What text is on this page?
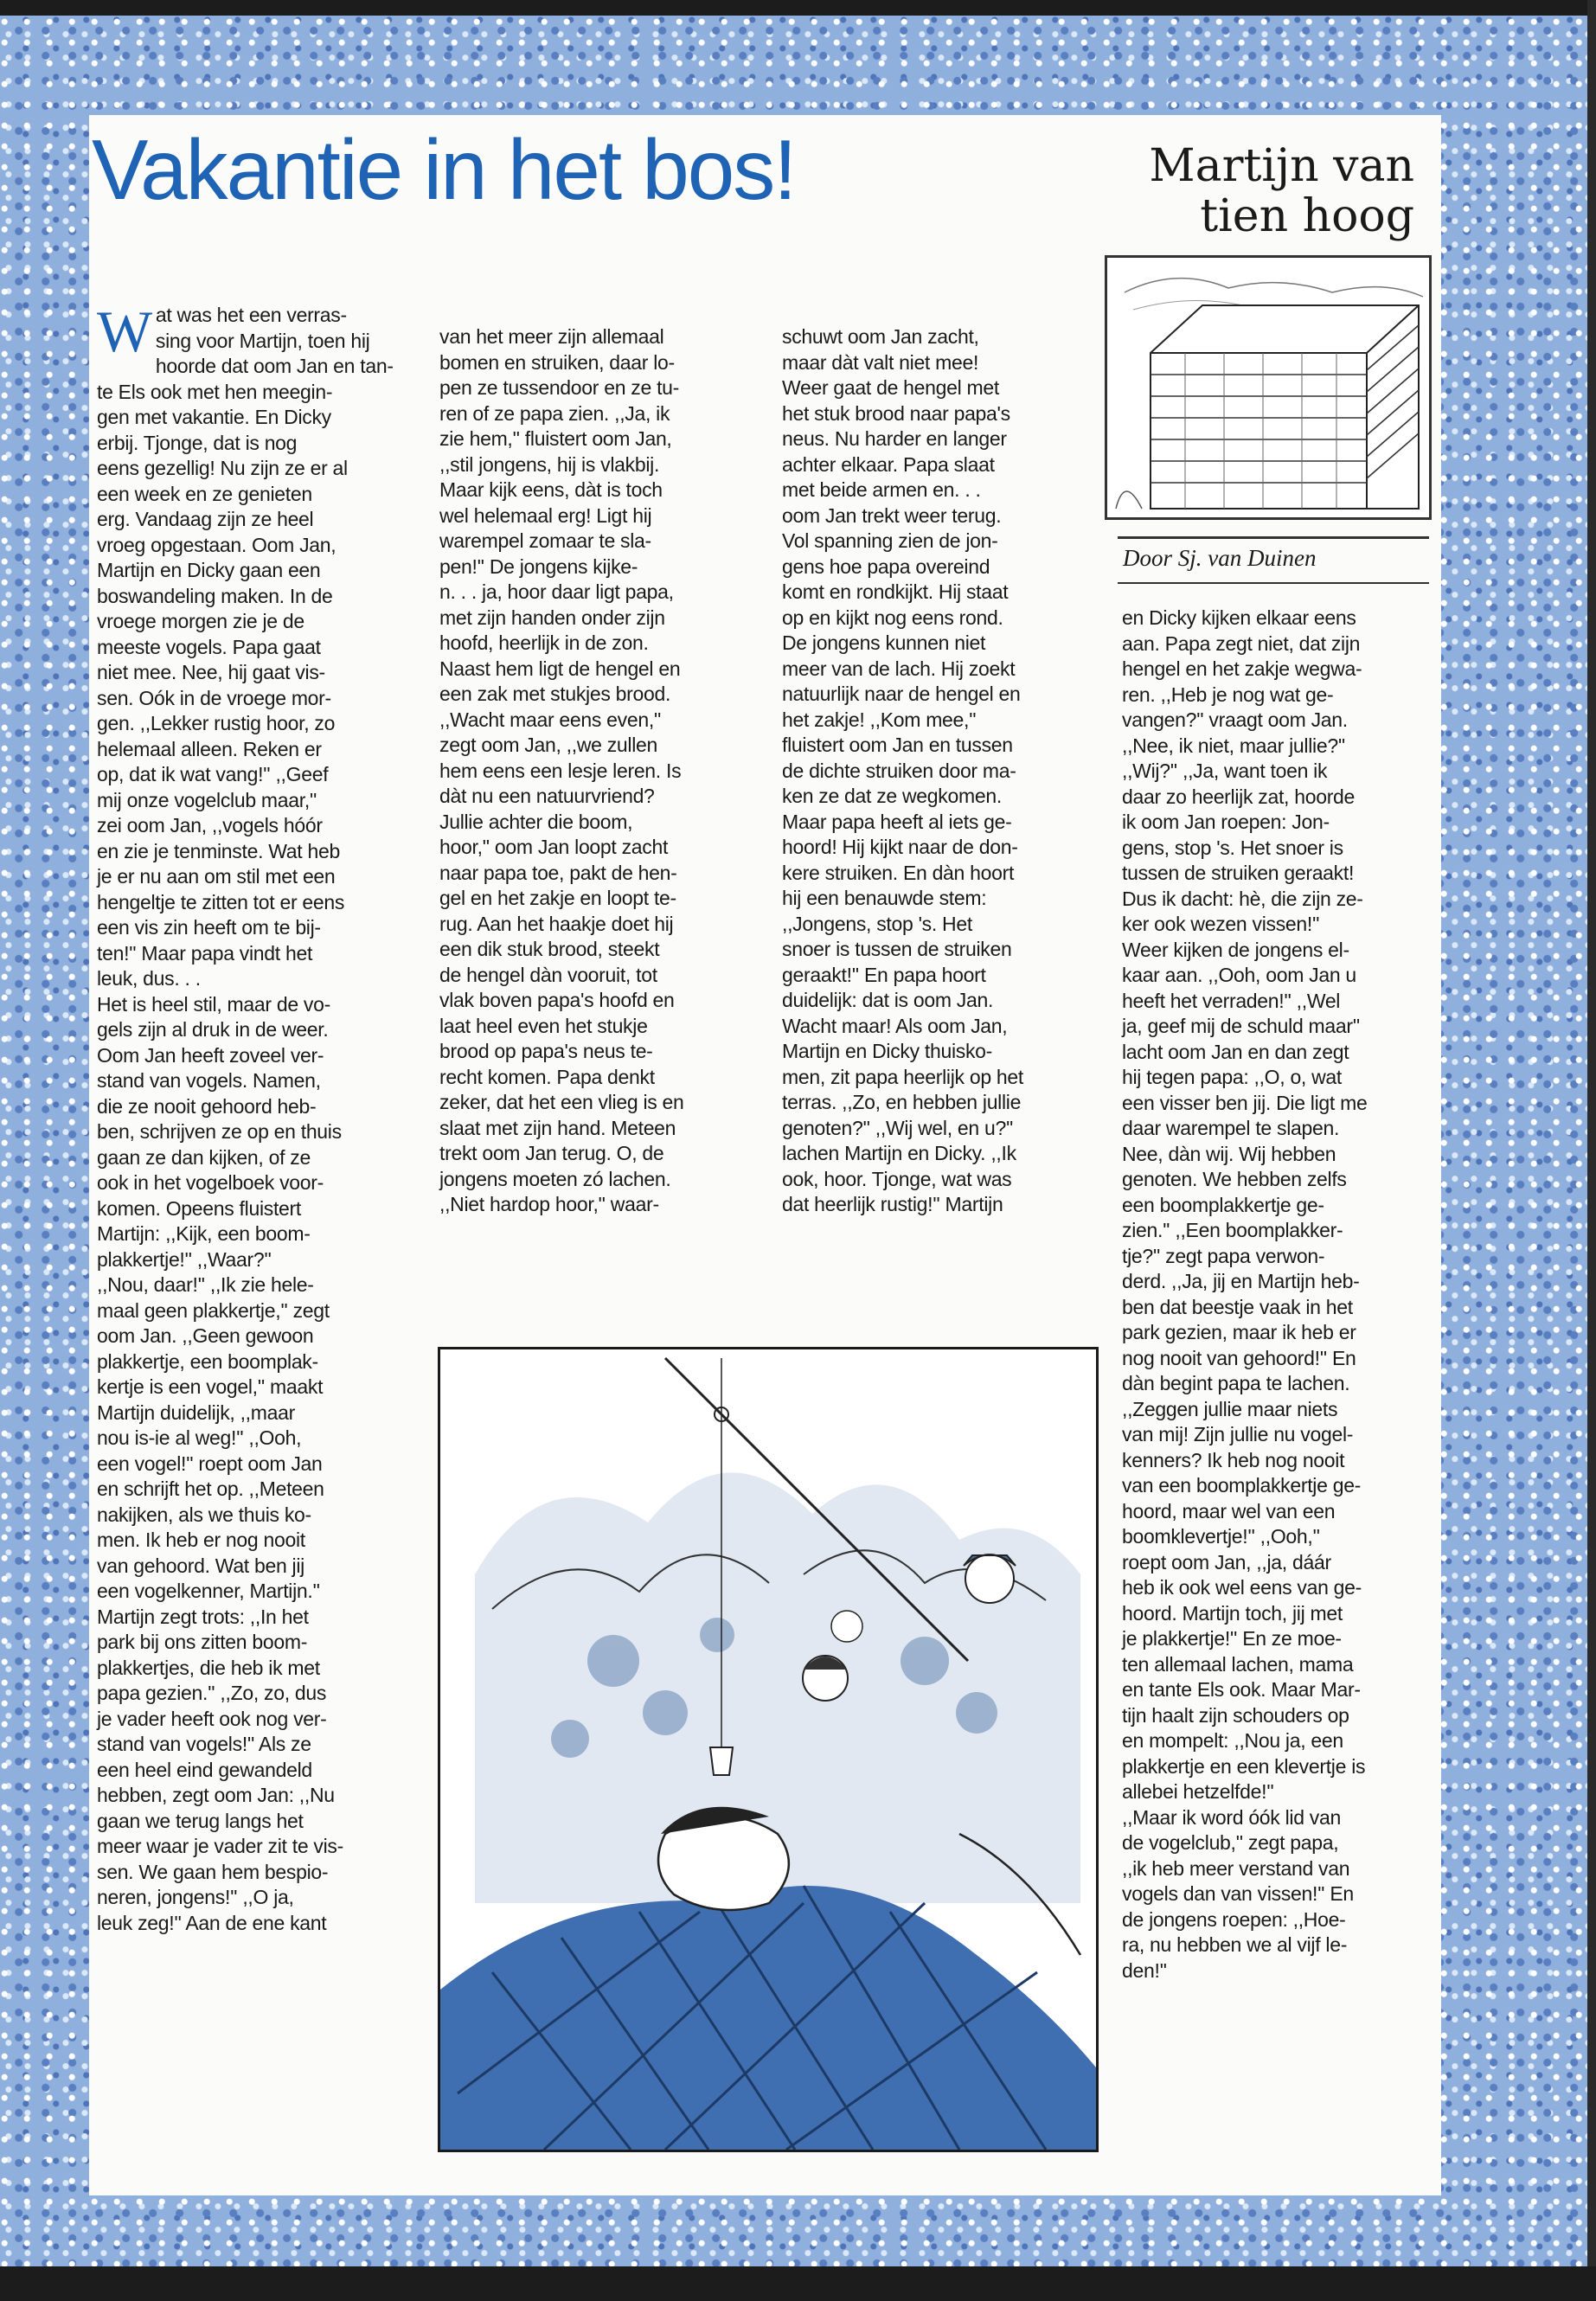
Vakantie in het bos!	Martijn van
tien hoog
Door Sj. van Duinen
Wat was het een verras-
sing voor Martijn, toen hij
hoorde dat oom Jan en tan-
te Els ook met hen meegin-
gen met vakantie. En Dicky
erbij. Tjonge, dat is nog
eens gezellig! Nu zijn ze er al
een week en ze genieten
erg. Vandaag zijn ze heel
vroeg opgestaan. Oom Jan,
Martijn en Dicky gaan een
boswandeling maken. In de
vroege morgen zie je de
meeste vogels. Papa gaat
niet mee. Nee, hij gaat vis-
sen. Oók in de vroege mor-
gen. ,,Lekker rustig hoor, zo
helemaal alleen. Reken er
op, dat ik wat vang!'' ,,Geef
mij onze vogelclub maar,''
zei oom Jan, ,,vogels hóór
en zie je tenminste. Wat heb
je er nu aan om stil met een
hengeltje te zitten tot er eens
een vis zin heeft om te bij-
ten!'' Maar papa vindt het
leuk, dus. . .
Het is heel stil, maar de vo-
gels zijn al druk in de weer.
Oom Jan heeft zoveel ver-
stand van vogels. Namen,
die ze nooit gehoord heb-
ben, schrijven ze op en thuis
gaan ze dan kijken, of ze
ook in het vogelboek voor-
komen. Opeens fluistert
Martijn: ,,Kijk, een boom-
plakkertje!'' ,,Waar?''
,,Nou, daar!'' ,,Ik zie hele-
maal geen plakkertje,'' zegt
oom Jan. ,,Geen gewoon
plakkertje, een boomplak-
kertje is een vogel,'' maakt
Martijn duidelijk, ,,maar
nou is-ie al weg!'' ,,Ooh,
een vogel!'' roept oom Jan
en schrijft het op. ,,Meteen
nakijken, als we thuis ko-
men. Ik heb er nog nooit
van gehoord. Wat ben jij
een vogelkenner, Martijn.''
Martijn zegt trots: ,,In het
park bij ons zitten boom-
plakkertjes, die heb ik met
papa gezien.'' ,,Zo, zo, dus
je vader heeft ook nog ver-
stand van vogels!'' Als ze
een heel eind gewandeld
hebben, zegt oom Jan: ,,Nu
gaan we terug langs het
meer waar je vader zit te vis-
sen. We gaan hem bespio-
neren, jongens!'' ,,O ja,
leuk zeg!'' Aan de ene kant
van het meer zijn allemaal
bomen en struiken, daar lo-
pen ze tussendoor en ze tu-
ren of ze papa zien. ,,Ja, ik
zie hem,'' fluistert oom Jan,
,,stil jongens, hij is vlakbij.
Maar kijk eens, dàt is toch
wel helemaal erg! Ligt hij
warempel zomaar te sla-
pen!'' De jongens kijke-
n. . . ja, hoor daar ligt papa,
met zijn handen onder zijn
hoofd, heerlijk in de zon.
Naast hem ligt de hengel en
een zak met stukjes brood.
,,Wacht maar eens even,''
zegt oom Jan, ,,we zullen
hem eens een lesje leren. Is
dàt nu een natuurvriend?
Jullie achter die boom,
hoor,'' oom Jan loopt zacht
naar papa toe, pakt de hen-
gel en het zakje en loopt te-
rug. Aan het haakje doet hij
een dik stuk brood, steekt
de hengel dàn vooruit, tot
vlak boven papa's hoofd en
laat heel even het stukje
brood op papa's neus te-
recht komen. Papa denkt
zeker, dat het een vlieg is en
slaat met zijn hand. Meteen
trekt oom Jan terug. O, de
jongens moeten zó lachen.
,,Niet hardop hoor,'' waar-
schuwt oom Jan zacht,
maar dàt valt niet mee!
Weer gaat de hengel met
het stuk brood naar papa's
neus. Nu harder en langer
achter elkaar. Papa slaat
met beide armen en. . .
oom Jan trekt weer terug.
Vol spanning zien de jon-
gens hoe papa overeind
komt en rondkijkt. Hij staat
op en kijkt nog eens rond.
De jongens kunnen niet
meer van de lach. Hij zoekt
natuurlijk naar de hengel en
het zakje! ,,Kom mee,''
fluistert oom Jan en tussen
de dichte struiken door ma-
ken ze dat ze wegkomen.
Maar papa heeft al iets ge-
hoord! Hij kijkt naar de don-
kere struiken. En dàn hoort
hij een benauwde stem:
,,Jongens, stop 's. Het
snoer is tussen de struiken
geraakt!'' En papa hoort
duidelijk: dat is oom Jan.
Wacht maar! Als oom Jan,
Martijn en Dicky thuisko-
men, zit papa heerlijk op het
terras. ,,Zo, en hebben jullie
genoten?'' ,,Wij wel, en u?''
lachen Martijn en Dicky. ,,Ik
ook, hoor. Tjonge, wat was
dat heerlijk rustig!'' Martijn
en Dicky kijken elkaar eens
aan. Papa zegt niet, dat zijn
hengel en het zakje wegwa-
ren. ,,Heb je nog wat ge-
vangen?'' vraagt oom Jan.
,,Nee, ik niet, maar jullie?''
,,Wij?'' ,,Ja, want toen ik
daar zo heerlijk zat, hoorde
ik oom Jan roepen: Jon-
gens, stop 's. Het snoer is
tussen de struiken geraakt!
Dus ik dacht: hè, die zijn ze-
ker ook wezen vissen!''
Weer kijken de jongens el-
kaar aan. ,,Ooh, oom Jan u
heeft het verraden!'' ,,Wel
ja, geef mij de schuld maar''
lacht oom Jan en dan zegt
hij tegen papa: ,,O, o, wat
een visser ben jij. Die ligt me
daar warempel te slapen.
Nee, dàn wij. Wij hebben
genoten. We hebben zelfs
een boomplakkertje ge-
zien.'' ,,Een boomplakker-
tje?'' zegt papa verwon-
derd. ,,Ja, jij en Martijn heb-
ben dat beestje vaak in het
park gezien, maar ik heb er
nog nooit van gehoord!'' En
dàn begint papa te lachen.
,,Zeggen jullie maar niets
van mij! Zijn jullie nu vogel-
kenners? Ik heb nog nooit
van een boomplakkertje ge-
hoord, maar wel van een
boomklevertje!'' ,,Ooh,''
roept oom Jan, ,,ja, dáár
heb ik ook wel eens van ge-
hoord. Martijn toch, jij met
je plakkertje!'' En ze moe-
ten allemaal lachen, mama
en tante Els ook. Maar Mar-
tijn haalt zijn schouders op
en mompelt: ,,Nou ja, een
plakkertje en een klevertje is
allebei hetzelfde!''
,,Maar ik word óók lid van
de vogelclub,'' zegt papa,
,,ik heb meer verstand van
vogels dan van vissen!'' En
de jongens roepen: ,,Hoe-
ra, nu hebben we al vijf le-
den!''
